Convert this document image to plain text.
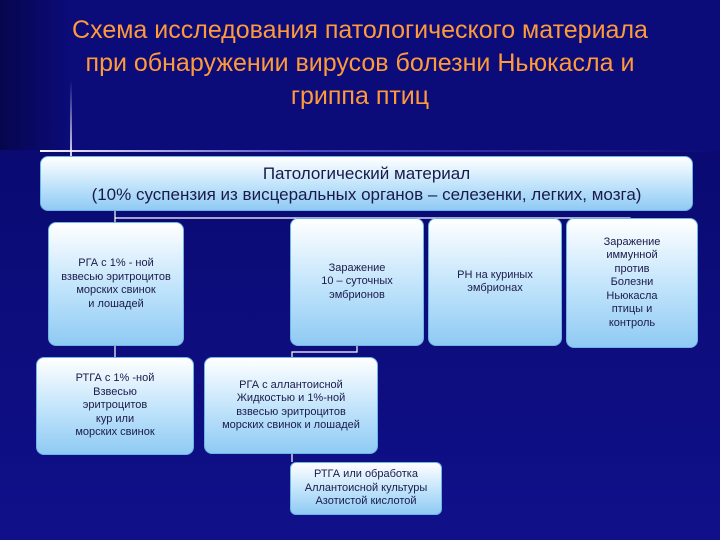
Схема исследования патологического материала
при обнаружении вирусов болезни Ньюкасла и
гриппа птиц
Патологический материал
(10% суспензия из висцеральных органов – селезенки, легких, мозга)
РГА с 1% - ной
взвесью эритроцитов
морских свинок
и лошадей
Заражение
10 – суточных
эмбрионов
РН на куриных
эмбрионах
Заражение
иммунной
против
Болезни
Ньюкасла
птицы и
контроль
РТГА с 1% -ной
Взвесью
эритроцитов
кур или
морских свинок
РГА с аллантоисной
Жидкостью и 1%-ной
взвесью эритроцитов
морских свинок и лошадей
РТГА или обработка
Аллантоисной культуры
Азотистой кислотой
